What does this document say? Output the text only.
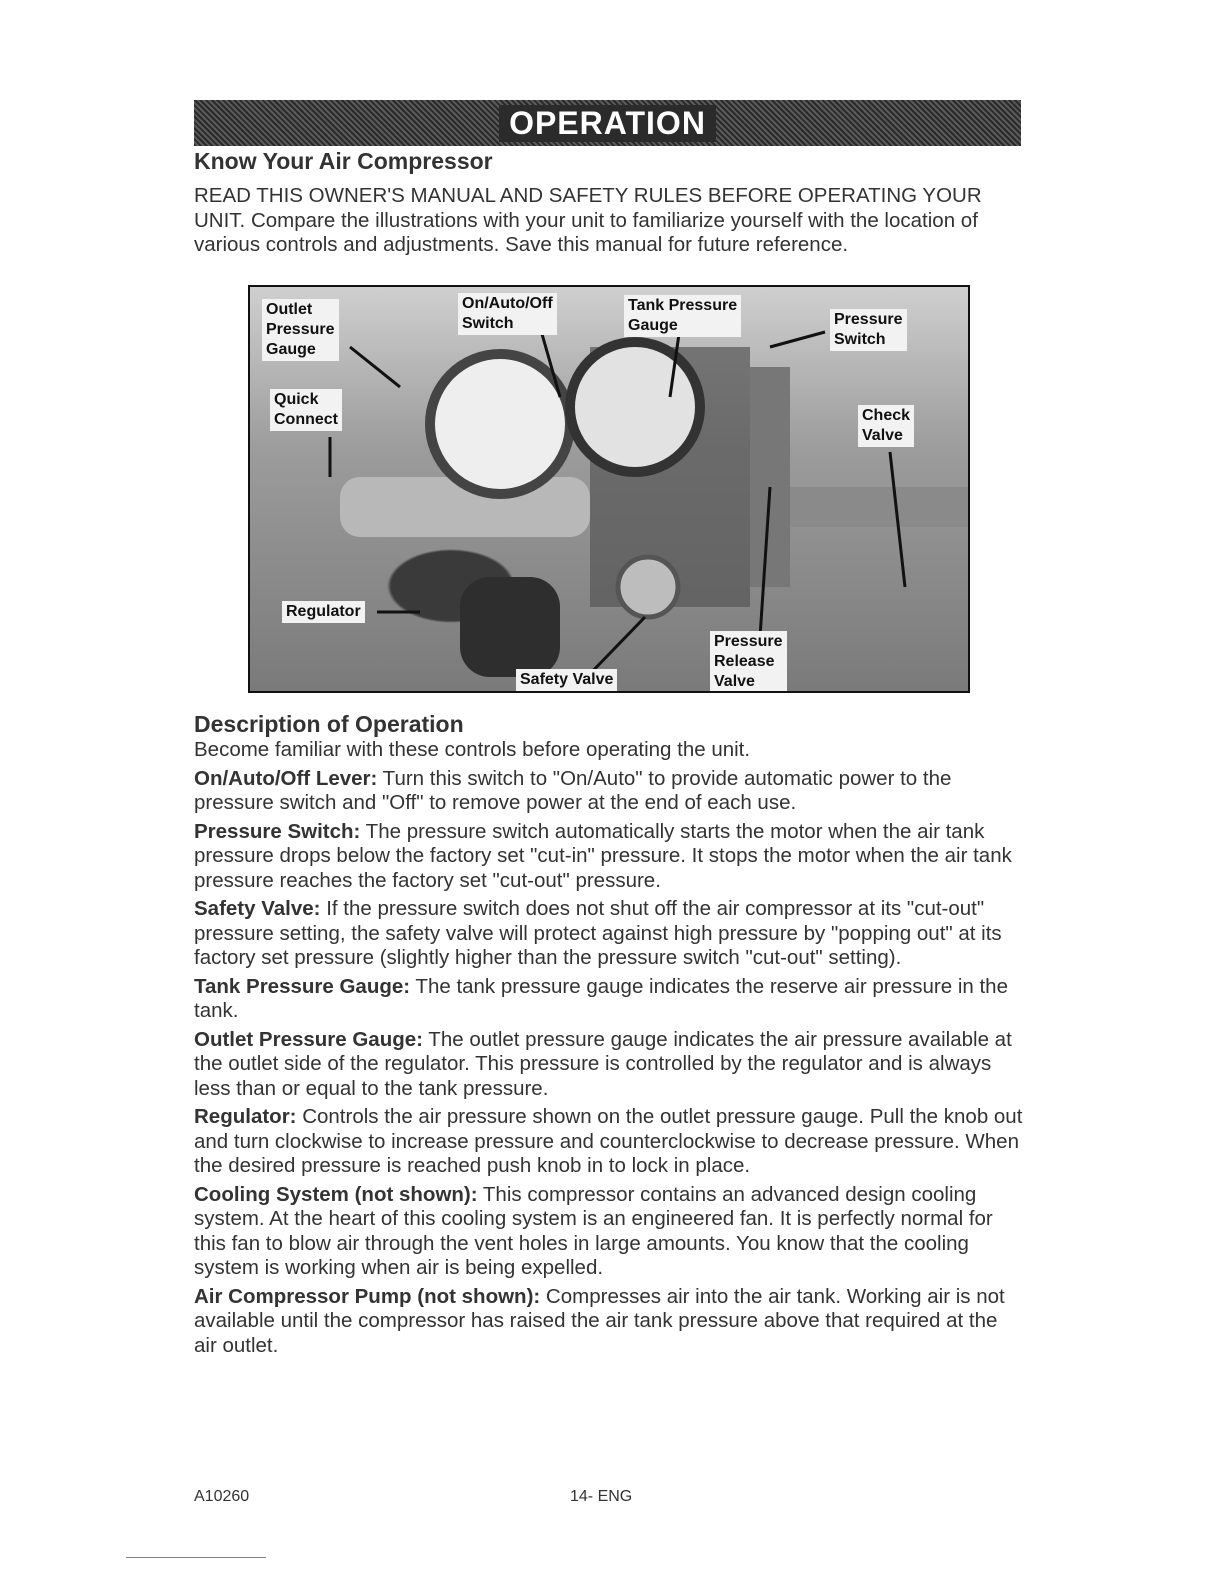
OPERATION
Know Your Air Compressor
READ THIS OWNER'S MANUAL AND SAFETY RULES BEFORE OPERATING YOUR UNIT. Compare the illustrations with your unit to familiarize yourself with the location of various controls and adjustments. Save this manual for future reference.
Outlet
Pressure
Gauge
On/Auto/Off
Switch
Tank Pressure
Gauge	Pressure
Switch
Quick
Connect	Check
Valve
Regulator
Safety Valve
Pressure
Release
Valve
Description of Operation

Become familiar with these controls before operating the unit.

On/Auto/Off Lever: Turn this switch to "On/Auto" to provide automatic power to the pressure switch and "Off" to remove power at the end of each use.

Pressure Switch: The pressure switch automatically starts the motor when the air tank pressure drops below the factory set "cut-in" pressure. It stops the motor when the air tank pressure reaches the factory set "cut-out" pressure.

Safety Valve: If the pressure switch does not shut off the air compressor at its "cut-out" pressure setting, the safety valve will protect against high pressure by "popping out" at its factory set pressure (slightly higher than the pressure switch "cut-out" setting).

Tank Pressure Gauge: The tank pressure gauge indicates the reserve air pressure in the tank.

Outlet Pressure Gauge: The outlet pressure gauge indicates the air pressure available at the outlet side of the regulator. This pressure is controlled by the regulator and is always less than or equal to the tank pressure.

Regulator: Controls the air pressure shown on the outlet pressure gauge. Pull the knob out and turn clockwise to increase pressure and counterclockwise to decrease pressure. When the desired pressure is reached push knob in to lock in place.

Cooling System (not shown): This compressor contains an advanced design cooling system. At the heart of this cooling system is an engineered fan. It is perfectly normal for this fan to blow air through the vent holes in large amounts. You know that the cooling system is working when air is being expelled.

Air Compressor Pump (not shown): Compresses air into the air tank. Working air is not available until the compressor has raised the air tank pressure above that required at the air outlet.

A10260	14- ENG
